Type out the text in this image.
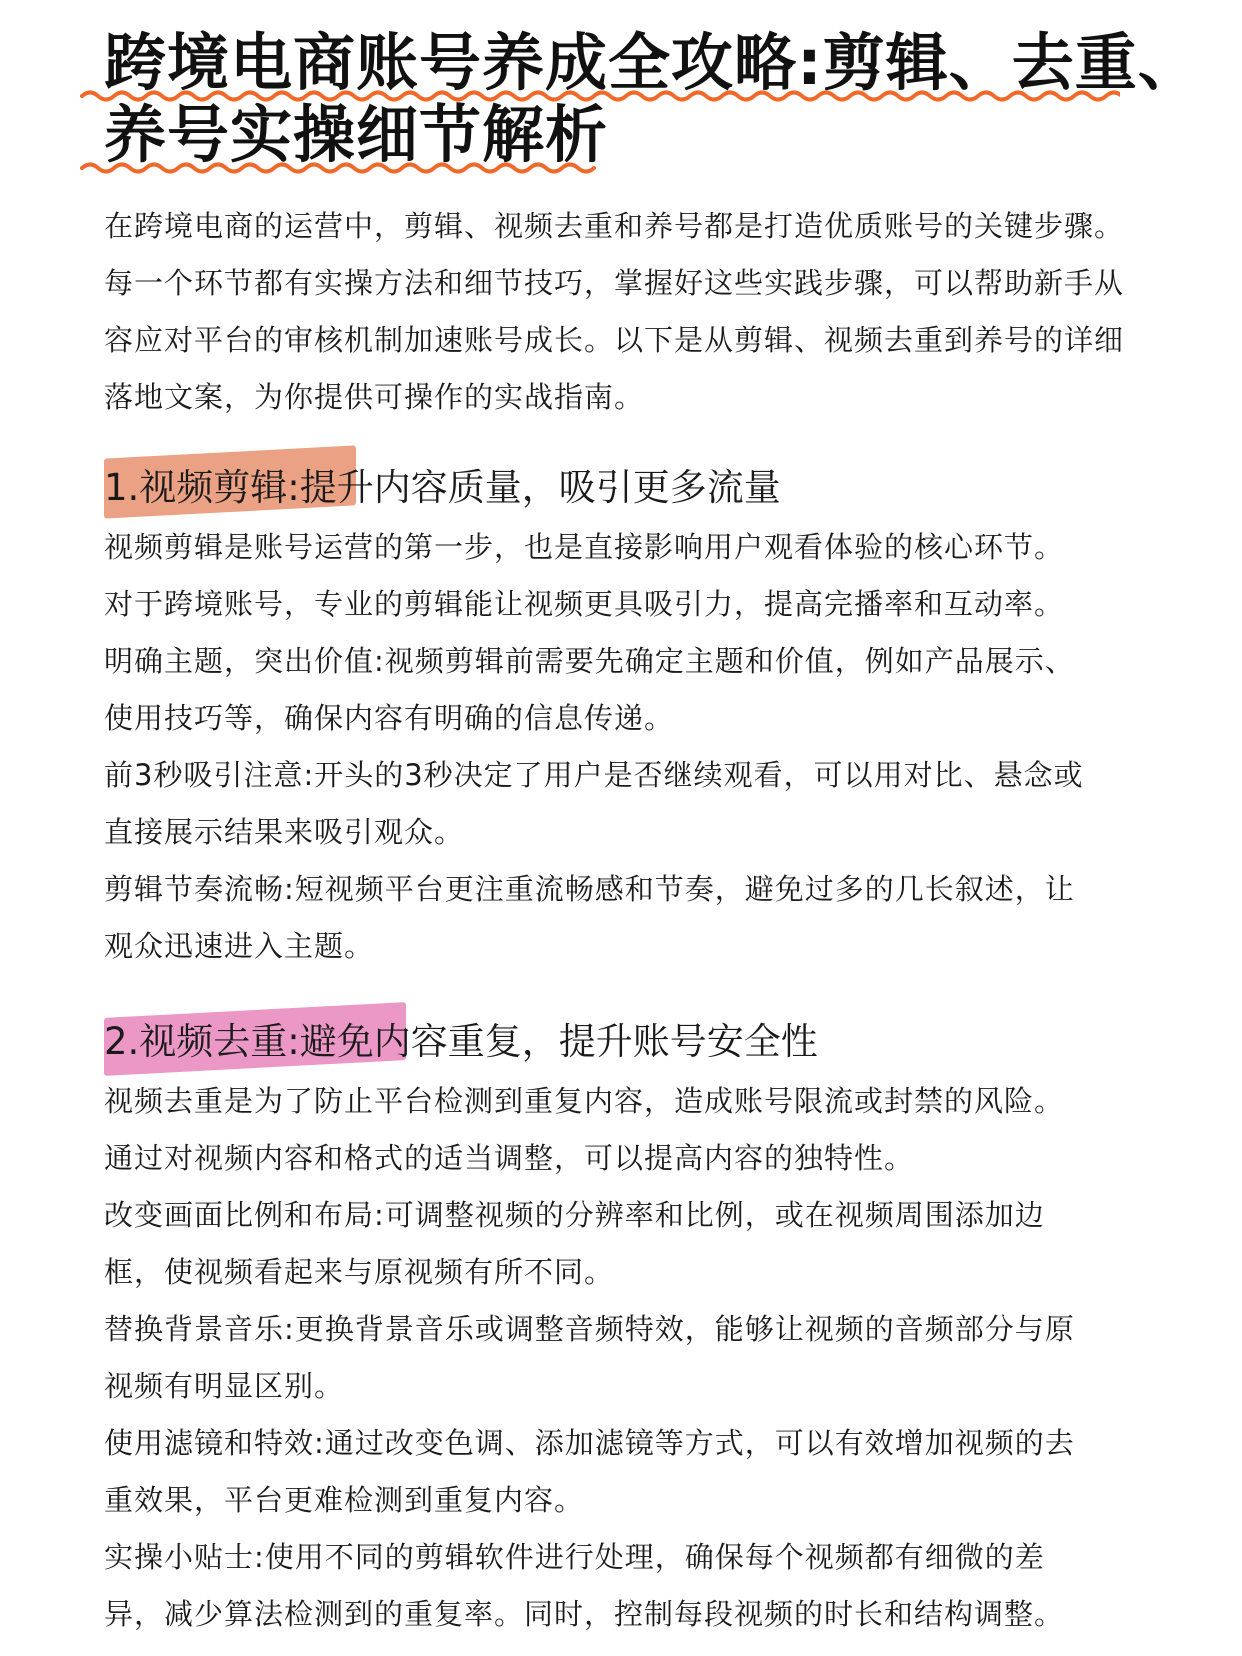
跨境电商账号养成全攻略:剪辑、去重、
养号实操细节解析

在跨境电商的运营中，剪辑、视频去重和养号都是打造优质账号的关键步骤。
每一个环节都有实操方法和细节技巧，掌握好这些实践步骤，可以帮助新手从
容应对平台的审核机制加速账号成长。以下是从剪辑、视频去重到养号的详细
落地文案，为你提供可操作的实战指南。

1.视频剪辑:提升内容质量，吸引更多流量

视频剪辑是账号运营的第一步，也是直接影响用户观看体验的核心环节。
对于跨境账号，专业的剪辑能让视频更具吸引力，提高完播率和互动率。
明确主题，突出价值:视频剪辑前需要先确定主题和价值，例如产品展示、
使用技巧等，确保内容有明确的信息传递。
前3秒吸引注意:开头的3秒决定了用户是否继续观看，可以用对比、悬念或
直接展示结果来吸引观众。
剪辑节奏流畅:短视频平台更注重流畅感和节奏，避免过多的几长叙述，让
观众迅速进入主题。

2.视频去重:避免内容重复，提升账号安全性

视频去重是为了防止平台检测到重复内容，造成账号限流或封禁的风险。
通过对视频内容和格式的适当调整，可以提高内容的独特性。
改变画面比例和布局:可调整视频的分辨率和比例，或在视频周围添加边
框，使视频看起来与原视频有所不同。
替换背景音乐:更换背景音乐或调整音频特效，能够让视频的音频部分与原
视频有明显区别。
使用滤镜和特效:通过改变色调、添加滤镜等方式，可以有效增加视频的去
重效果，平台更难检测到重复内容。
实操小贴士:使用不同的剪辑软件进行处理，确保每个视频都有细微的差
异，减少算法检测到的重复率。同时，控制每段视频的时长和结构调整。
